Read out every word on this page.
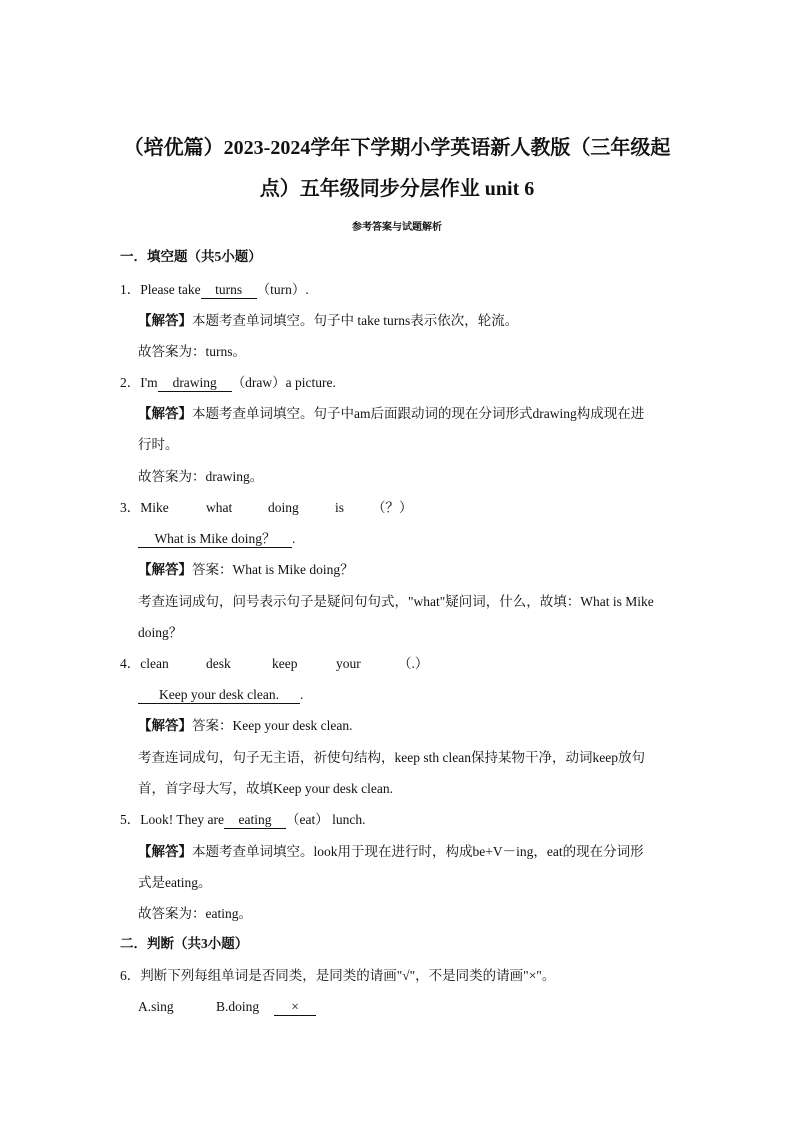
（培优篇）2023-2024学年下学期小学英语新人教版（三年级起
点）五年级同步分层作业 unit 6
参考答案与试题解析
一．填空题（共5小题）
1．Please take turns （turn）.
【解答】本题考查单词填空。句子中 take turns表示依次，轮流。
故答案为：turns。
2．I'm drawing （draw）a picture.
【解答】本题考查单词填空。句子中am后面跟动词的现在分词形式drawing构成现在进
行时。
故答案为：drawing。
3．Mike	what	doing	is （？）
What is Mike doing？ .
【解答】答案：What is Mike doing？
考查连词成句，问号表示句子是疑问句句式，"what"疑问词，什么，故填：What is Mike
doing？
4．clean	desk	keep	your	（.）
Keep your desk clean. .
【解答】答案：Keep your desk clean.
考查连词成句，句子无主语，祈使句结构，keep sth clean保持某物干净，动词keep放句
首，首字母大写，故填Keep your desk clean.
5．Look! They are eating （eat） lunch.
【解答】本题考查单词填空。look用于现在进行时，构成be+V－ing，eat的现在分词形
式是eating。
故答案为：eating。
二．判断（共3小题）
6．判断下列每组单词是否同类，是同类的请画"√"，不是同类的请画"×"。
A.sing	B.doing ×
